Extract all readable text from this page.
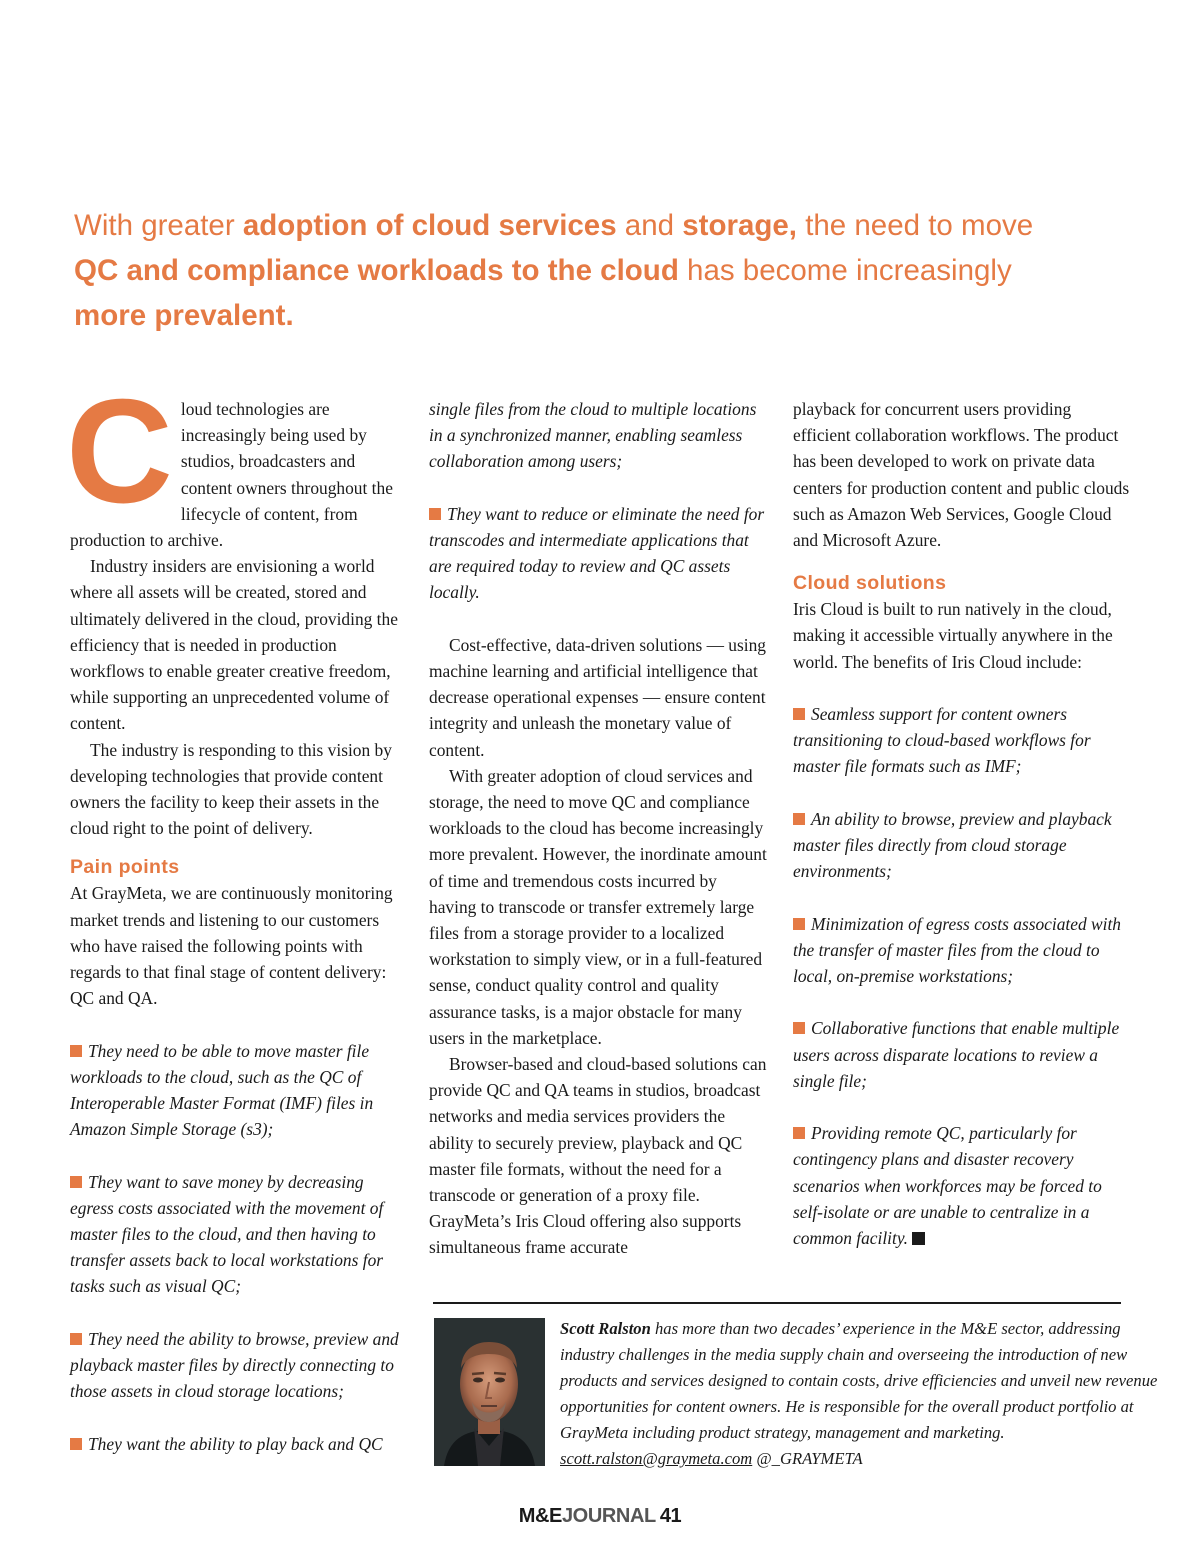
With greater adoption of cloud services and storage, the need to move QC and compliance workloads to the cloud has become increasingly more prevalent.

Cloud technologies are increasingly being used by studios, broadcasters and content owners throughout the lifecycle of content, from production to archive.

Industry insiders are envisioning a world where all assets will be created, stored and ultimately delivered in the cloud, providing the efficiency that is needed in production workflows to enable greater creative freedom, while supporting an unprecedented volume of content.

The industry is responding to this vision by developing technologies that provide content owners the facility to keep their assets in the cloud right to the point of delivery.

Pain points

At GrayMeta, we are continuously monitoring market trends and listening to our customers who have raised the following points with regards to that final stage of content delivery: QC and QA.

They need to be able to move master file workloads to the cloud, such as the QC of Interoperable Master Format (IMF) files in Amazon Simple Storage (s3);

They want to save money by decreasing egress costs associated with the movement of master files to the cloud, and then having to transfer assets back to local workstations for tasks such as visual QC;

They need the ability to browse, preview and playback master files by directly connecting to those assets in cloud storage locations;

They want the ability to play back and QC

single files from the cloud to multiple locations in a synchronized manner, enabling seamless collaboration among users;

They want to reduce or eliminate the need for transcodes and intermediate applications that are required today to review and QC assets locally.

Cost-effective, data-driven solutions — using machine learning and artificial intelligence that decrease operational expenses — ensure content integrity and unleash the monetary value of content.

With greater adoption of cloud services and storage, the need to move QC and compliance workloads to the cloud has become increasingly more prevalent. However, the inordinate amount of time and tremendous costs incurred by having to transcode or transfer extremely large files from a storage provider to a localized workstation to simply view, or in a full-featured sense, conduct quality control and quality assurance tasks, is a major obstacle for many users in the marketplace.

Browser-based and cloud-based solutions can provide QC and QA teams in studios, broadcast networks and media services providers the ability to securely preview, playback and QC master file formats, without the need for a transcode or generation of a proxy file. GrayMeta’s Iris Cloud offering also supports simultaneous frame accurate

playback for concurrent users providing efficient collaboration workflows. The product has been developed to work on private data centers for production content and public clouds such as Amazon Web Services, Google Cloud and Microsoft Azure.

Cloud solutions

Iris Cloud is built to run natively in the cloud, making it accessible virtually anywhere in the world. The benefits of Iris Cloud include:

Seamless support for content owners transitioning to cloud-based workflows for master file formats such as IMF;

An ability to browse, preview and playback master files directly from cloud storage environments;

Minimization of egress costs associated with the transfer of master files from the cloud to local, on-premise workstations;

Collaborative functions that enable multiple users across disparate locations to review a single file;

Providing remote QC, particularly for contingency plans and disaster recovery scenarios when workforces may be forced to self-isolate or are unable to centralize in a common facility.

Scott Ralston has more than two decades’ experience in the M&E sector, addressing industry challenges in the media supply chain and overseeing the introduction of new products and services designed to contain costs, drive efficiencies and unveil new revenue opportunities for content owners. He is responsible for the overall product portfolio at GrayMeta including product strategy, management and marketing. scott.ralston@graymeta.com @_GRAYMETA
M&EJOURNAL 41
